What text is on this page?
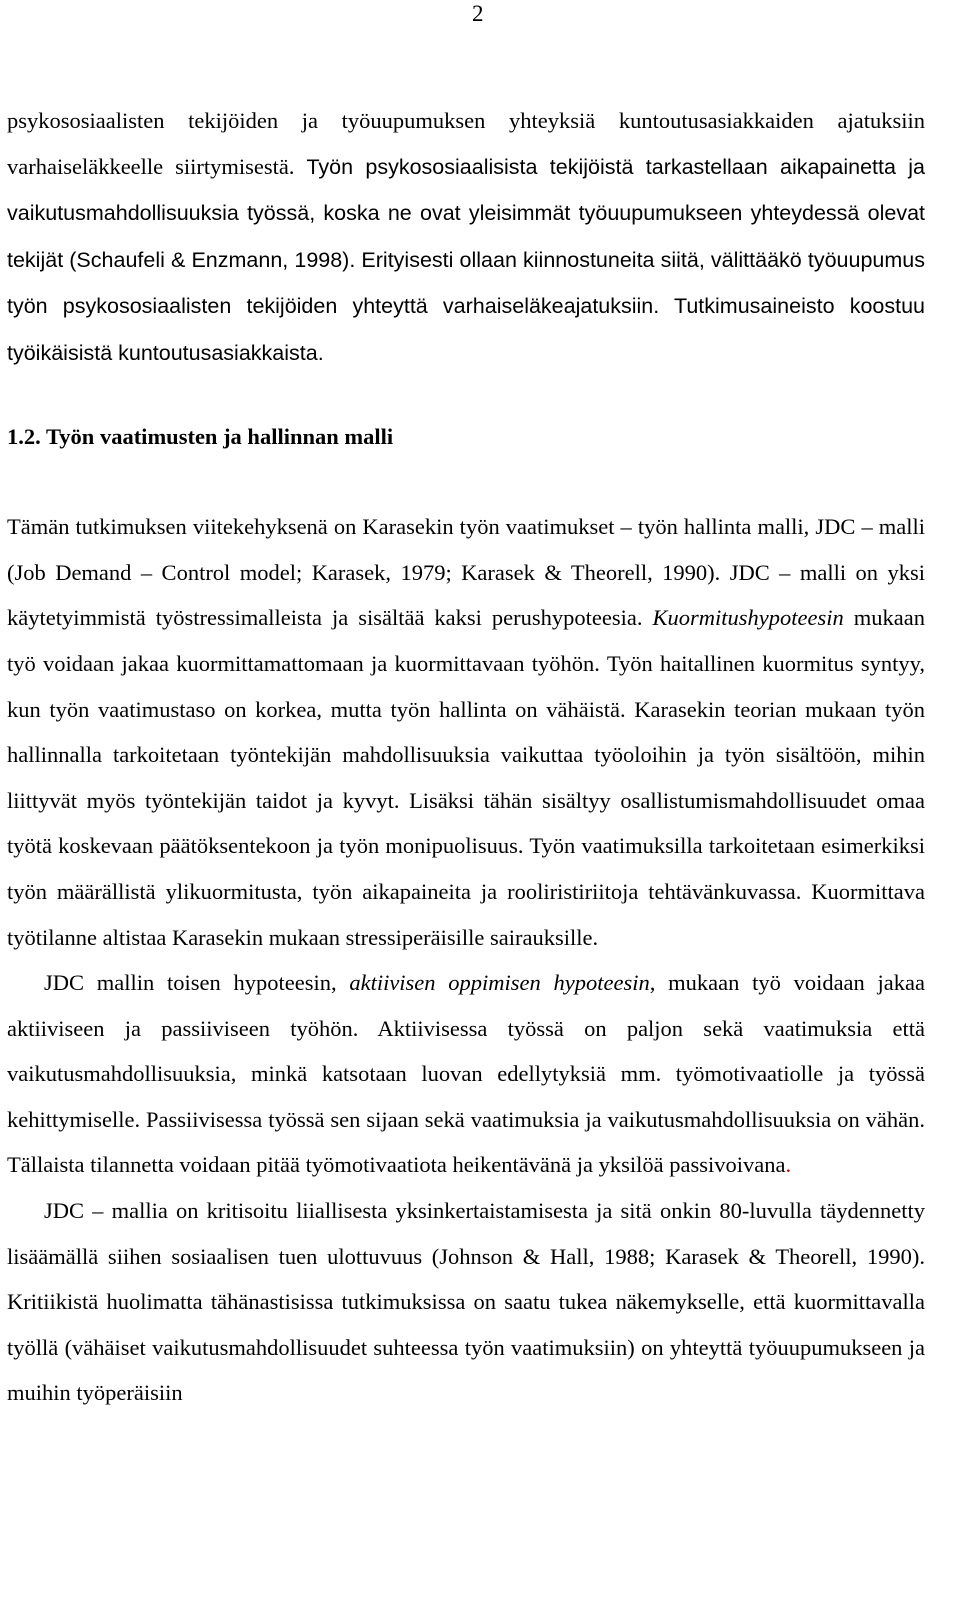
2

psykososiaalisten tekijöiden ja työuupumuksen yhteyksiä kuntoutusasiakkaiden ajatuksiin varhaiseläkkeelle siirtymisestä. Työn psykososiaalisista tekijöistä tarkastellaan aikapainetta ja vaikutusmahdollisuuksia työssä, koska ne ovat yleisimmät työuupumukseen yhteydessä olevat tekijät (Schaufeli & Enzmann, 1998). Erityisesti ollaan kiinnostuneita siitä, välittääkö työuupumus työn psykososiaalisten tekijöiden yhteyttä varhaiseläkeajatuksiin. Tutkimusaineisto koostuu työikäisistä kuntoutusasiakkaista.

1.2. Työn vaatimusten ja hallinnan malli

Tämän tutkimuksen viitekehyksenä on Karasekin työn vaatimukset – työn hallinta malli, JDC – malli (Job Demand – Control model; Karasek, 1979; Karasek & Theorell, 1990). JDC – malli on yksi käytetyimmistä työstressimalleista ja sisältää kaksi perushypoteesia. Kuormitushypoteesin mukaan työ voidaan jakaa kuormittamattomaan ja kuormittavaan työhön. Työn haitallinen kuormitus syntyy, kun työn vaatimustaso on korkea, mutta työn hallinta on vähäistä. Karasekin teorian mukaan työn hallinnalla tarkoitetaan työntekijän mahdollisuuksia vaikuttaa työoloihin ja työn sisältöön, mihin liittyvät myös työntekijän taidot ja kyvyt. Lisäksi tähän sisältyy osallistumismahdollisuudet omaa työtä koskevaan päätöksentekoon ja työn monipuolisuus. Työn vaatimuksilla tarkoitetaan esimerkiksi työn määrällistä ylikuormitusta, työn aikapaineita ja rooliristiriitoja tehtävänkuvassa. Kuormittava työtilanne altistaa Karasekin mukaan stressiperäisille sairauksille.

JDC mallin toisen hypoteesin, aktiivisen oppimisen hypoteesin, mukaan työ voidaan jakaa aktiiviseen ja passiiviseen työhön. Aktiivisessa työssä on paljon sekä vaatimuksia että vaikutusmahdollisuuksia, minkä katsotaan luovan edellytyksiä mm. työmotivaatiolle ja työssä kehittymiselle. Passiivisessa työssä sen sijaan sekä vaatimuksia ja vaikutusmahdollisuuksia on vähän. Tällaista tilannetta voidaan pitää työmotivaatiota heikentävänä ja yksilöä passivoivana.

JDC – mallia on kritisoitu liiallisesta yksinkertaistamisesta ja sitä onkin 80-luvulla täydennetty lisäämällä siihen sosiaalisen tuen ulottuvuus (Johnson & Hall, 1988; Karasek & Theorell, 1990). Kritiikistä huolimatta tähänastisissa tutkimuksissa on saatu tukea näkemykselle, että kuormittavalla työllä (vähäiset vaikutusmahdollisuudet suhteessa työn vaatimuksiin) on yhteyttä työuupumukseen ja muihin työperäisiin
